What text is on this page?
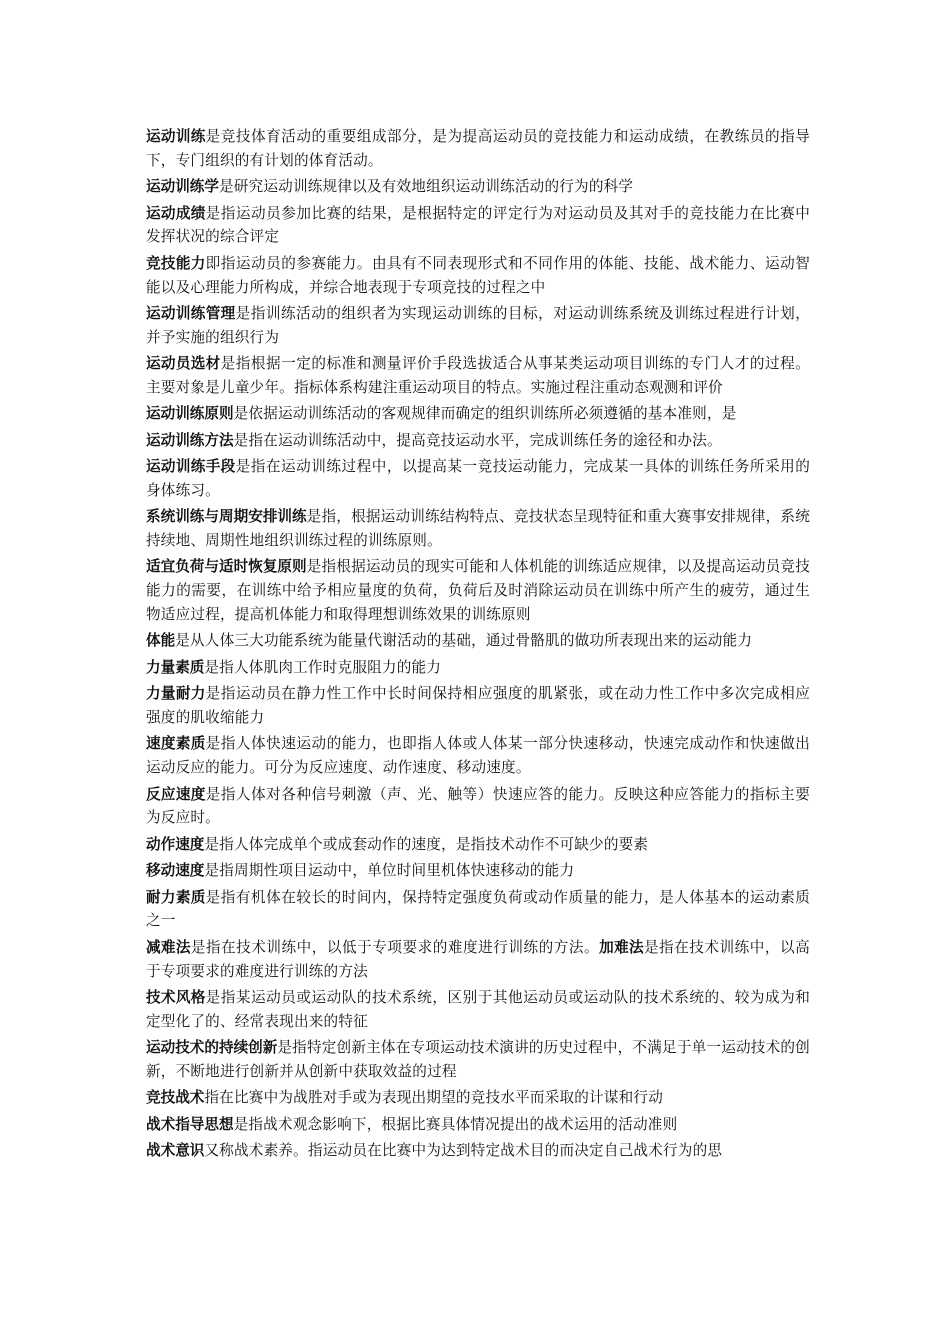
运动训练是竞技体育活动的重要组成部分，是为提高运动员的竞技能力和运动成绩，在教练员的指导下，专门组织的有计划的体育活动。

运动训练学是研究运动训练规律以及有效地组织运动训练活动的行为的科学

运动成绩是指运动员参加比赛的结果，是根据特定的评定行为对运动员及其对手的竞技能力在比赛中发挥状况的综合评定

竞技能力即指运动员的参赛能力。由具有不同表现形式和不同作用的体能、技能、战术能力、运动智能以及心理能力所构成，并综合地表现于专项竞技的过程之中

运动训练管理是指训练活动的组织者为实现运动训练的目标，对运动训练系统及训练过程进行计划，并予实施的组织行为

运动员选材是指根据一定的标准和测量评价手段选拔适合从事某类运动项目训练的专门人才的过程。主要对象是儿童少年。指标体系构建注重运动项目的特点。实施过程注重动态观测和评价

运动训练原则是依据运动训练活动的客观规律而确定的组织训练所必须遵循的基本准则，是

运动训练方法是指在运动训练活动中，提高竞技运动水平，完成训练任务的途径和办法。

运动训练手段是指在运动训练过程中，以提高某一竞技运动能力，完成某一具体的训练任务所采用的身体练习。

系统训练与周期安排训练是指，根据运动训练结构特点、竞技状态呈现特征和重大赛事安排规律，系统持续地、周期性地组织训练过程的训练原则。

适宜负荷与适时恢复原则是指根据运动员的现实可能和人体机能的训练适应规律，以及提高运动员竞技能力的需要，在训练中给予相应量度的负荷，负荷后及时消除运动员在训练中所产生的疲劳，通过生物适应过程，提高机体能力和取得理想训练效果的训练原则

体能是从人体三大功能系统为能量代谢活动的基础，通过骨骼肌的做功所表现出来的运动能力

力量素质是指人体肌肉工作时克服阻力的能力

力量耐力是指运动员在静力性工作中长时间保持相应强度的肌紧张，或在动力性工作中多次完成相应强度的肌收缩能力

速度素质是指人体快速运动的能力，也即指人体或人体某一部分快速移动，快速完成动作和快速做出运动反应的能力。可分为反应速度、动作速度、移动速度。

反应速度是指人体对各种信号刺激（声、光、触等）快速应答的能力。反映这种应答能力的指标主要为反应时。

动作速度是指人体完成单个或成套动作的速度，是指技术动作不可缺少的要素

移动速度是指周期性项目运动中，单位时间里机体快速移动的能力

耐力素质是指有机体在较长的时间内，保持特定强度负荷或动作质量的能力，是人体基本的运动素质之一

减难法是指在技术训练中，以低于专项要求的难度进行训练的方法。加难法是指在技术训练中，以高于专项要求的难度进行训练的方法

技术风格是指某运动员或运动队的技术系统，区别于其他运动员或运动队的技术系统的、较为成为和定型化了的、经常表现出来的特征

运动技术的持续创新是指特定创新主体在专项运动技术演讲的历史过程中，不满足于单一运动技术的创新，不断地进行创新并从创新中获取效益的过程

竞技战术指在比赛中为战胜对手或为表现出期望的竞技水平而采取的计谋和行动

战术指导思想是指战术观念影响下，根据比赛具体情况提出的战术运用的活动准则

战术意识又称战术素养。指运动员在比赛中为达到特定战术目的而决定自己战术行为的思
